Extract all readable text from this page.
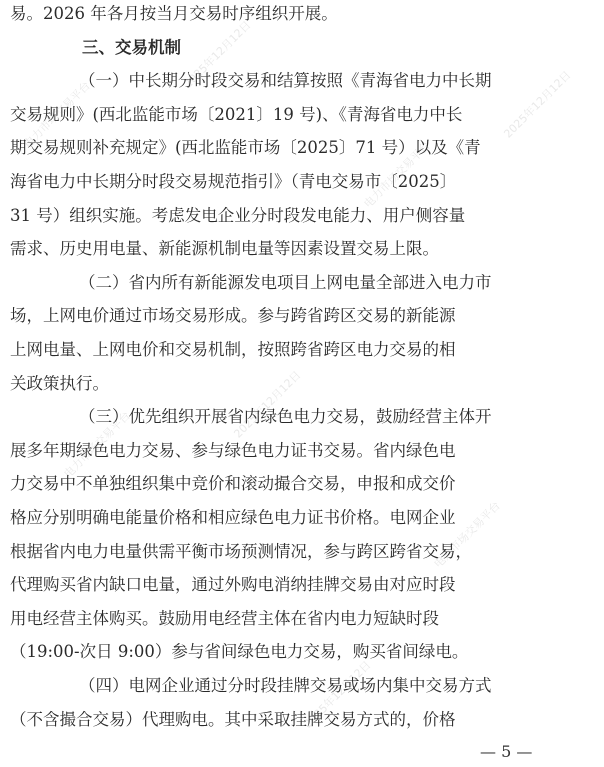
易。2026 年各月按当月交易时序组织开展。
三、交易机制
（一）中长期分时段交易和结算按照《青海省电力中长期
交易规则》(西北监能市场〔2021〕19 号)、《青海省电力中长
期交易规则补充规定》(西北监能市场〔2025〕71 号）以及《青
海省电力中长期分时段交易规范指引》（青电交易市〔2025〕
31 号）组织实施。考虑发电企业分时段发电能力、用户侧容量
需求、历史用电量、新能源机制电量等因素设置交易上限。
（二）省内所有新能源发电项目上网电量全部进入电力市
场，上网电价通过市场交易形成。参与跨省跨区交易的新能源
上网电量、上网电价和交易机制，按照跨省跨区电力交易的相
关政策执行。
（三）优先组织开展省内绿色电力交易，鼓励经营主体开
展多年期绿色电力交易、参与绿色电力证书交易。省内绿色电
力交易中不单独组织集中竞价和滚动撮合交易，申报和成交价
格应分别明确电能量价格和相应绿色电力证书价格。电网企业
根据省内电力电量供需平衡市场预测情况，参与跨区跨省交易，
代理购买省内缺口电量，通过外购电消纳挂牌交易由对应时段
用电经营主体购买。鼓励用电经营主体在省内电力短缺时段
（19:00-次日 9:00）参与省间绿色电力交易，购买省间绿电。
电力市场交易平台
2025年12月12日
电力市场交易平台
2025年12月12日
电力市场交易平台
2025年12月12日
电力市场交易平台
2025年12月12日
— 5 —
（四）电网企业通过分时段挂牌交易或场内集中交易方式
（不含撮合交易）代理购电。其中采取挂牌交易方式的，价格
